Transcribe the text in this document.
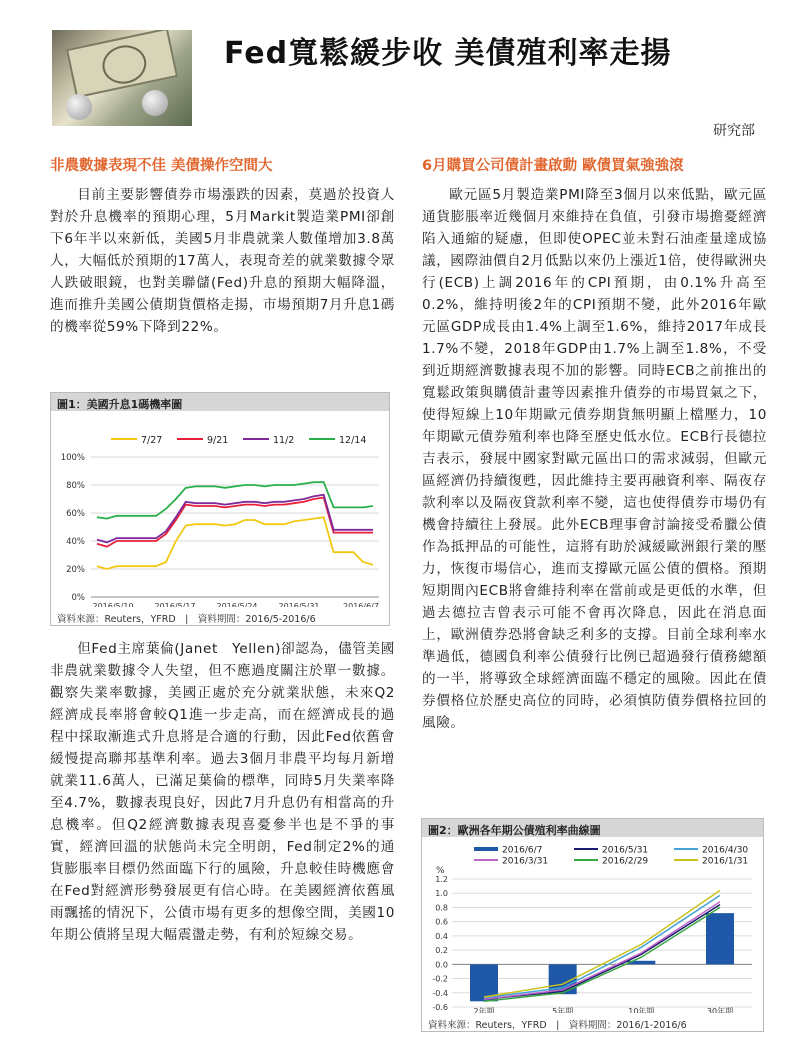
Fed寬鬆緩步收 美債殖利率走揚
研究部
非農數據表現不佳 美債操作空間大
目前主要影響債券市場漲跌的因素，莫過於投資人對於升息機率的預期心理，5月Markit製造業PMI卻創下6年半以來新低，美國5月非農就業人數僅增加3.8萬人，大幅低於預期的17萬人，表現奇差的就業數據令眾人跌破眼鏡，也對美聯儲(Fed)升息的預期大幅降溫，進而推升美國公債期貨價格走揚，市場預期7月升息1碼的機率從59%下降到22%。
圖1：美國升息1碼機率圖
7/27	9/21	11/2	12/14
0%
20%
40%
60%
80%
100%
2016/5/10	2016/5/17	2016/5/24	2016/5/31	2016/6/7
資料來源：Reuters，YFRD　|　資料期間：2016/5-2016/6
但Fed主席葉倫(Janet　Yellen)卻認為，儘管美國非農就業數據令人失望，但不應過度關注於單一數據。觀察失業率數據，美國正處於充分就業狀態，未來Q2經濟成長率將會較Q1進一步走高，而在經濟成長的過程中採取漸進式升息將是合適的行動，因此Fed依舊會緩慢提高聯邦基準利率。過去3個月非農平均每月新增就業11.6萬人，已滿足葉倫的標準，同時5月失業率降至4.7%，數據表現良好，因此7月升息仍有相當高的升息機率。但Q2經濟數據表現喜憂參半也是不爭的事實，經濟回溫的狀態尚未完全明朗，Fed制定2%的通貨膨脹率目標仍然面臨下行的風險，升息較佳時機應會在Fed對經濟形勢發展更有信心時。在美國經濟依舊風雨飄搖的情況下，公債市場有更多的想像空間，美國10年期公債將呈現大幅震盪走勢，有利於短線交易。
6月購買公司債計畫啟動 歐債買氣強強滾
歐元區5月製造業PMI降至3個月以來低點，歐元區通貨膨脹率近幾個月來維持在負值，引發市場擔憂經濟陷入通縮的疑慮，但即使OPEC並未對石油產量達成協議，國際油價自2月低點以來仍上漲近1倍，使得歐洲央行(ECB)上調2016年的CPI預期，由0.1%升高至0.2%，維持明後2年的CPI預期不變，此外2016年歐元區GDP成長由1.4%上調至1.6%，維持2017年成長1.7%不變，2018年GDP由1.7%上調至1.8%，不受到近期經濟數據表現不加的影響。同時ECB之前推出的寬鬆政策與購債計畫等因素推升債券的市場買氣之下，使得短線上10年期歐元債券期貨無明顯上檔壓力，10年期歐元債券殖利率也降至歷史低水位。ECB行長德拉吉表示，發展中國家對歐元區出口的需求減弱，但歐元區經濟仍持續復甦，因此維持主要再融資利率、隔夜存款利率以及隔夜貸款利率不變，這也使得債券市場仍有機會持續往上發展。此外ECB理事會討論接受希臘公債作為抵押品的可能性，這將有助於減緩歐洲銀行業的壓力，恢復市場信心，進而支撐歐元區公債的價格。預期短期間內ECB將會維持利率在當前或是更低的水準，但過去德拉吉曾表示可能不會再次降息，因此在消息面上，歐洲債券恐將會缺乏利多的支撐。目前全球利率水準過低，德國負利率公債發行比例已超過發行債務總額的一半，將導致全球經濟面臨不穩定的風險。因此在債券價格位於歷史高位的同時，必須慎防債券價格拉回的風險。
圖2：歐洲各年期公債殖利率曲線圖
%
2016/6/7	2016/5/31	2016/4/30
2016/3/31	2016/2/29	2016/1/31
-0.6
-0.4
-0.2
0.0
0.2
0.4
0.6
0.8
1.0
1.2
2年期	5年期	10年期	30年期
資料來源：Reuters，YFRD　|　資料期間：2016/1-2016/6
